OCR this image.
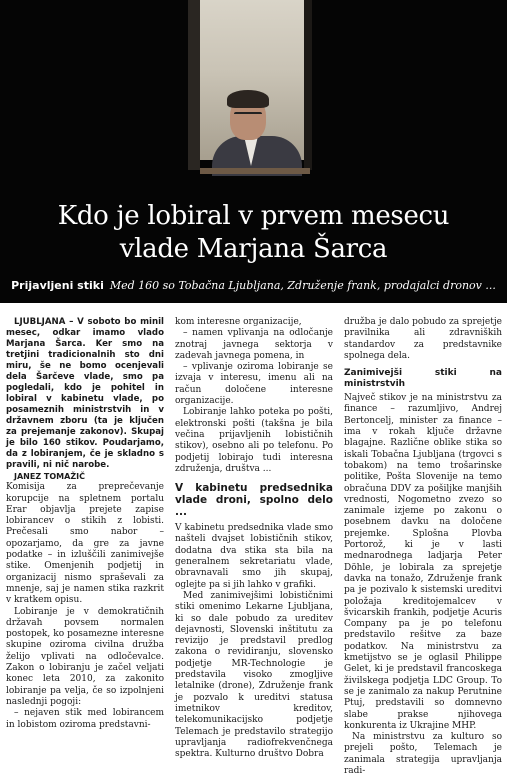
Kdo je lobiral v prvem mesecu
vlade Marjana Šarca
Prijavljeni stiki Med 160 so Tobačna Ljubljana, Združenje frank, prodajalci dronov ...

LJUBLJANA – V soboto bo minil mesec, odkar imamo vlado Marjana Šarca. Ker smo na tretjini tradicionalnih sto dni miru, še ne bomo ocenjevali dela Šarčeve vlade, smo pa pogledali, kdo je pohitel in lobiral v kabinetu vlade, po posameznih ministrstvih in v državnem zboru (ta je ključen za prejemanje zakonov). Skupaj je bilo 160 stikov. Poudarjamo, da z lobiranjem, če je skladno s pravili, ni nič narobe.

JANEZ TOMAŽIČ

Komisija za preprečevanje korupcije na spletnem portalu Erar objavlja prejete zapise lobirancev o stikih z lobisti. Prečesali smo nabor – opozarjamo, da gre za javne podatke – in izluščili zanimivejše stike. Omenjenih podjetij in organizacij nismo spraševali za mnenje, saj je namen stika razkrit v kratkem opisu.

Lobiranje je v demokratičnih državah povsem normalen postopek, ko posamezne interesne skupine oziroma civilna družba želijo vplivati na odločevalce. Zakon o lobiranju je začel veljati konec leta 2010, za zakonito lobiranje pa velja, če so izpolnjeni naslednji pogoji:

– nejaven stik med lobirancem in lobistom oziroma predstavni-

kom interesne organizacije,

– namen vplivanja na odločanje znotraj javnega sektorja v zadevah javnega pomena, in

– vplivanje oziroma lobiranje se izvaja v interesu, imenu ali na račun določene interesne organizacije.

Lobiranje lahko poteka po pošti, elektronski pošti (takšna je bila večina prijavljenih lobističnih stikov), osebno ali po telefonu. Po podjetij lobirajo tudi interesna združenja, društva ...

V kabinetu predsednika vlade droni, spolno delo ...

V kabinetu predsednika vlade smo našteli dvajset lobističnih stikov, dodatna dva stika sta bila na generalnem sekretariatu vlade, obravnavali smo jih skupaj, oglejte pa si jih lahko v grafiki.

Med zanimivejšimi lobističnimi stiki omenimo Lekarne Ljubljana, ki so dale pobudo za ureditev dejavnosti, Slovenski inštitutu za revizijo je predstavil predlog zakona o revidiranju, slovensko podjetje MR-Technologie je predstavila visoko zmogljive letalnike (drone), Združenje frank je pozvalo k ureditvi statusa imetnikov kreditov, telekomunikacijsko podjetje Telemach je predstavilo strategijo upravljanja radiofrekvenčnega spektra. Kulturno društvo Dobra

družba je dalo pobudo za sprejetje pravilnika ali zdravniških standardov za predstavnike spolnega dela.

Zanimivejši stiki na ministrstvih

Največ stikov je na ministrstvu za finance – razumljivo, Andrej Bertoncelj, minister za finance – ima v rokah ključe državne blagajne. Različne oblike stika so iskali Tobačna Ljubljana (trgovci s tobakom) na temo trošarinske politike, Pošta Slovenije na temo obračuna DDV za pošiljke manjših vrednosti, Nogometno zvezo so zanimale izjeme po zakonu o posebnem davku na določene prejemke. Splošna Plovba Portorož, ki je v lasti mednarodnega ladjarja Peter Döhle, je lobirala za sprejetje davka na tonažo, Združenje frank pa je pozivalo k sistemski ureditvi položaja kreditojemalcev v švicarskih frankih, podjetje Acuris Company pa je po telefonu predstavilo rešitve za baze podatkov. Na ministrstvu za kmetijstvo se je oglasil Philippe Gelet, ki je predstavil francoskega živilskega podjetja LDC Group. To se je zanimalo za nakup Perutnine Ptuj, predstavili so domnevno slabe prakse njihovega konkurenta iz Ukrajine MHP.

Na ministrstvu za kulturo so prejeli pošto, Telemach je zanimala strategija upravljanja radi-
